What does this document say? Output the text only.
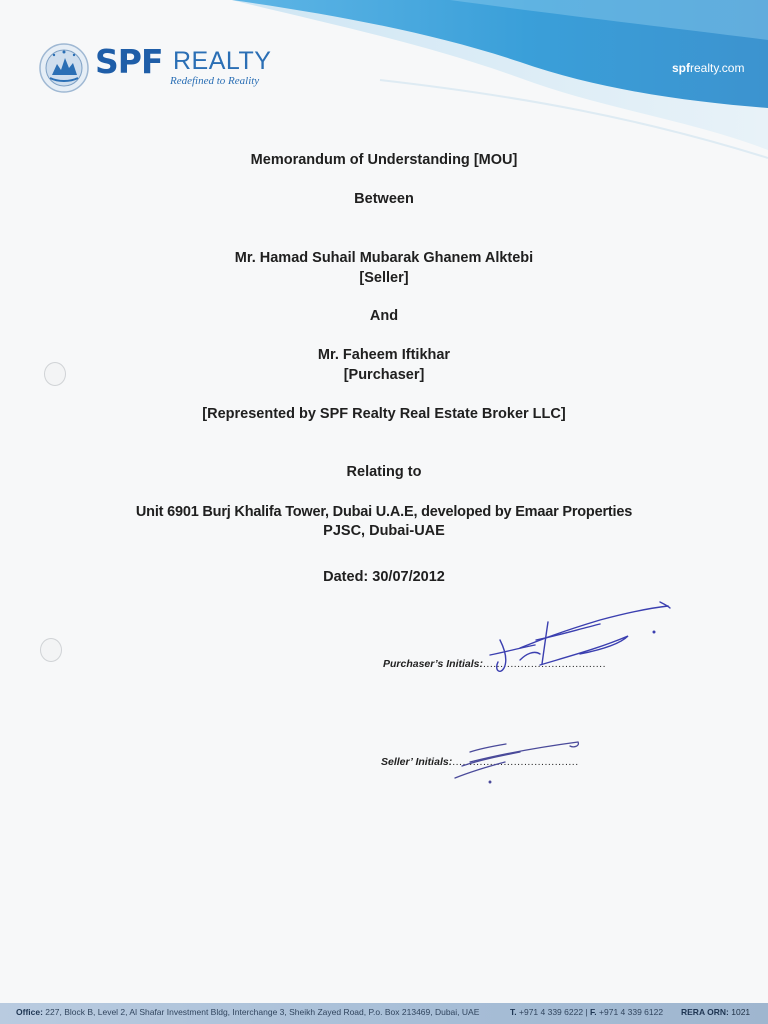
SPF REALTY
Redefined to Reality
spfrealty.com
Memorandum of Understanding [MOU]
Between
Mr. Hamad Suhail Mubarak Ghanem Alktebi
[Seller]
And
Mr. Faheem Iftikhar
[Purchaser]
[Represented by SPF Realty Real Estate Broker LLC]
Relating to
Unit 6901 Burj Khalifa Tower, Dubai U.A.E, developed by Emaar Properties
PJSC, Dubai-UAE
Dated: 30/07/2012
Purchaser’s Initials:....................................
Seller’ Initials:.....................................
Office: 227, Block B, Level 2, Al Shafar Investment Bldg, Interchange 3, Sheikh Zayed Road, P.o. Box 213469, Dubai, UAE	T. +971 4 339 6222 | F. +971 4 339 6122 RERA ORN: 1021
